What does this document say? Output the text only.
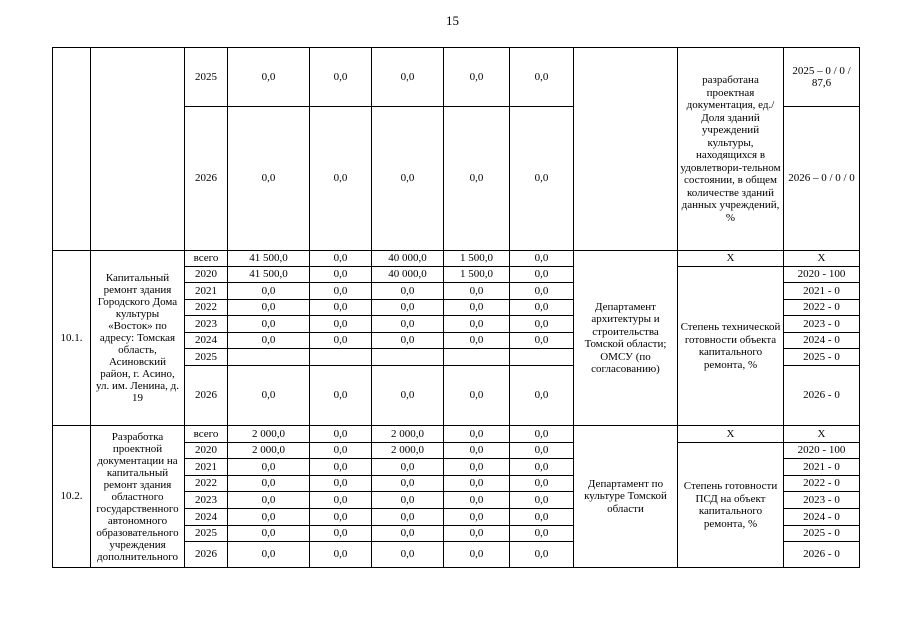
15
		2025	0,0	0,0	0,0	0,0	0,0		разработана проектная документация, ед./ Доля зданий учреждений культуры, находящихся в удовлетвори-тельном состоянии, в общем количестве зданий данных учреждений, %	2025 – 0 / 0 / 87,6
		2026	0,0	0,0	0,0	0,0	0,0			2026 – 0 / 0 / 0
10.1.	Капитальный ремонт здания Городского Дома культуры «Восток» по адресу: Томская область, Асиновский район, г. Асино, ул. им. Ленина, д. 19	всего	41 500,0	0,0	40 000,0	1 500,0	0,0	Департамент архитектуры и строительства Томской области; ОМСУ (по согласованию)	Х	Х
		2020	41 500,0	0,0	40 000,0	1 500,0	0,0		Степень технической готовности объекта капитального ремонта, %	2020 - 100
		2021	0,0	0,0	0,0	0,0	0,0			2021 - 0
		2022	0,0	0,0	0,0	0,0	0,0			2022 - 0
		2023	0,0	0,0	0,0	0,0	0,0			2023 - 0
		2024	0,0	0,0	0,0	0,0	0,0			2024 - 0
		2025								2025 - 0
		2026	0,0	0,0	0,0	0,0	0,0			2026 - 0
10.2.	Разработка проектной документации на капитальный ремонт здания областного государственного автономного образовательного учреждения дополнительного	всего	2 000,0	0,0	2 000,0	0,0	0,0	Департамент по культуре Томской области	Х	Х
		2020	2 000,0	0,0	2 000,0	0,0	0,0		Степень готовности ПСД на объект капитального ремонта, %	2020 - 100
		2021	0,0	0,0	0,0	0,0	0,0			2021 - 0
		2022	0,0	0,0	0,0	0,0	0,0			2022 - 0
		2023	0,0	0,0	0,0	0,0	0,0			2023 - 0
		2024	0,0	0,0	0,0	0,0	0,0			2024 - 0
		2025	0,0	0,0	0,0	0,0	0,0			2025 - 0
		2026	0,0	0,0	0,0	0,0	0,0			2026 - 0
